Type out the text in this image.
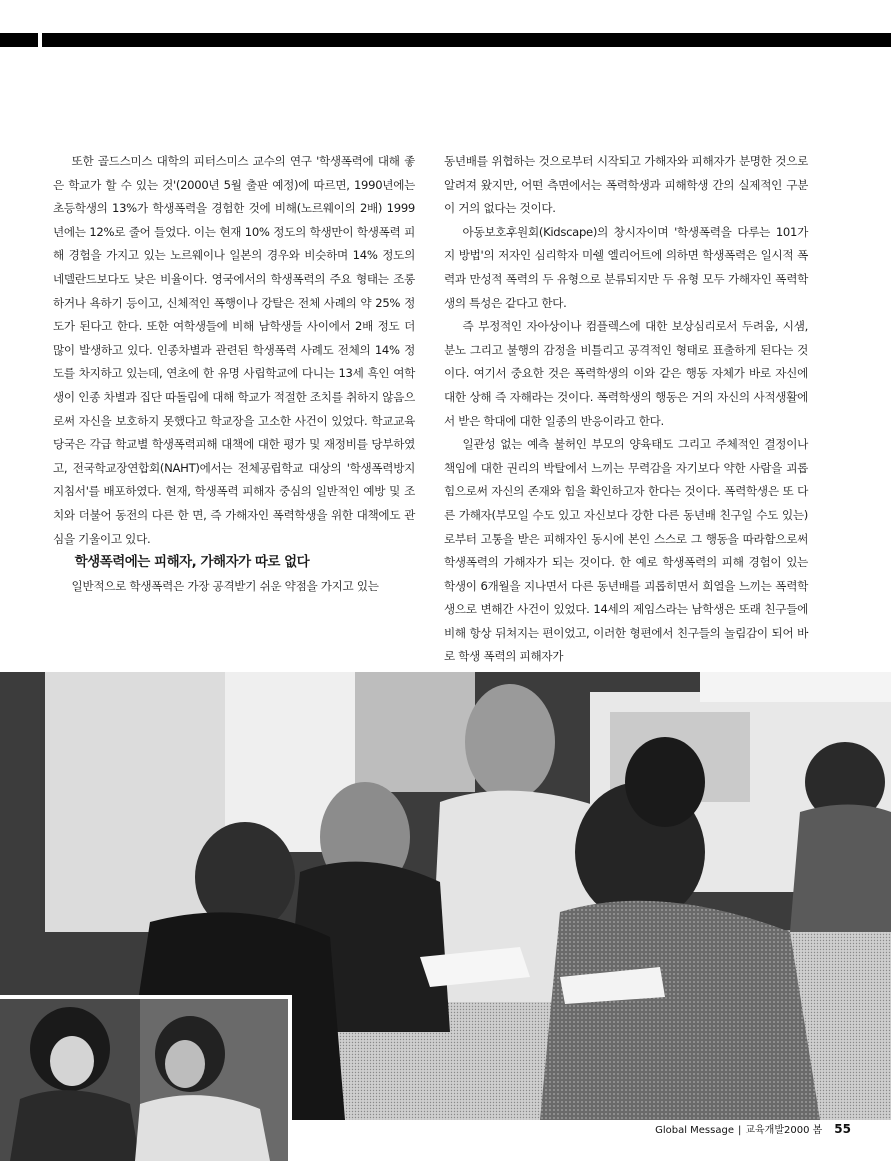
또한 골드스미스 대학의 피터스미스 교수의 연구 '학생폭력에 대해 좋은 학교가 할 수 있는 것'(2000년 5월 출판 예정)에 따르면, 1990년에는 초등학생의 13%가 학생폭력을 경험한 것에 비해(노르웨이의 2배) 1999년에는 12%로 줄어 들었다. 이는 현재 10% 정도의 학생만이 학생폭력 피해 경험을 가지고 있는 노르웨이나 일본의 경우와 비슷하며 14% 정도의 네델란드보다도 낮은 비율이다. 영국에서의 학생폭력의 주요 형태는 조롱하거나 욕하기 등이고, 신체적인 폭행이나 강탈은 전체 사례의 약 25% 정도가 된다고 한다. 또한 여학생들에 비해 남학생들 사이에서 2배 정도 더 많이 발생하고 있다. 인종차별과 관련된 학생폭력 사례도 전체의 14% 정도를 차지하고 있는데, 연초에 한 유명 사립학교에 다니는 13세 흑인 여학생이 인종 차별과 집단 따돌림에 대해 학교가 적절한 조치를 취하지 않음으로써 자신을 보호하지 못했다고 학교장을 고소한 사건이 있었다. 학교교육당국은 각급 학교별 학생폭력피해 대책에 대한 평가 및 재정비를 당부하였고, 전국학교장연합회(NAHT)에서는 전체공립학교 대상의 '학생폭력방지 지침서'를 배포하였다. 현재, 학생폭력 피해자 중심의 일반적인 예방 및 조치와 더불어 동전의 다른 한 면, 즉 가해자인 폭력학생을 위한 대책에도 관심을 기울이고 있다.

학생폭력에는 피해자, 가해자가 따로 없다

일반적으로 학생폭력은 가장 공격받기 쉬운 약점을 가지고 있는

동년배를 위협하는 것으로부터 시작되고 가해자와 피해자가 분명한 것으로 알려져 왔지만, 어떤 측면에서는 폭력학생과 피해학생 간의 실제적인 구분이 거의 없다는 것이다.

아동보호후원회(Kidscape)의 창시자이며 '학생폭력을 다루는 101가지 방법'의 저자인 심리학자 미쉘 엘리어트에 의하면 학생폭력은 일시적 폭력과 만성적 폭력의 두 유형으로 분류되지만 두 유형 모두 가해자인 폭력학생의 특성은 같다고 한다.

즉 부정적인 자아상이나 컴플렉스에 대한 보상심리로서 두려움, 시샘, 분노 그리고 불행의 감정을 비틀리고 공격적인 형태로 표출하게 된다는 것이다. 여기서 중요한 것은 폭력학생의 이와 같은 행동 자체가 바로 자신에 대한 상해 즉 자해라는 것이다. 폭력학생의 행동은 거의 자신의 사적생활에서 받은 학대에 대한 일종의 반응이라고 한다.

일관성 없는 예측 불허인 부모의 양육태도 그리고 주체적인 결정이나 책임에 대한 권리의 박탈에서 느끼는 무력감을 자기보다 약한 사람을 괴롭힘으로써 자신의 존재와 힘을 확인하고자 한다는 것이다. 폭력학생은 또 다른 가해자(부모일 수도 있고 자신보다 강한 다른 동년배 친구일 수도 있는)로부터 고통을 받은 피해자인 동시에 본인 스스로 그 행동을 따라함으로써 학생폭력의 가해자가 되는 것이다. 한 예로 학생폭력의 피해 경험이 있는 학생이 6개월을 지나면서 다른 동년배를 괴롭히면서 희열을 느끼는 폭력학생으로 변해간 사건이 있었다. 14세의 제임스라는 남학생은 또래 친구들에 비해 항상 뒤쳐지는 편이었고, 이러한 형편에서 친구들의 놀림감이 되어 바로 학생 폭력의 피해자가

Global Message | 교육개발2000 봄 55
